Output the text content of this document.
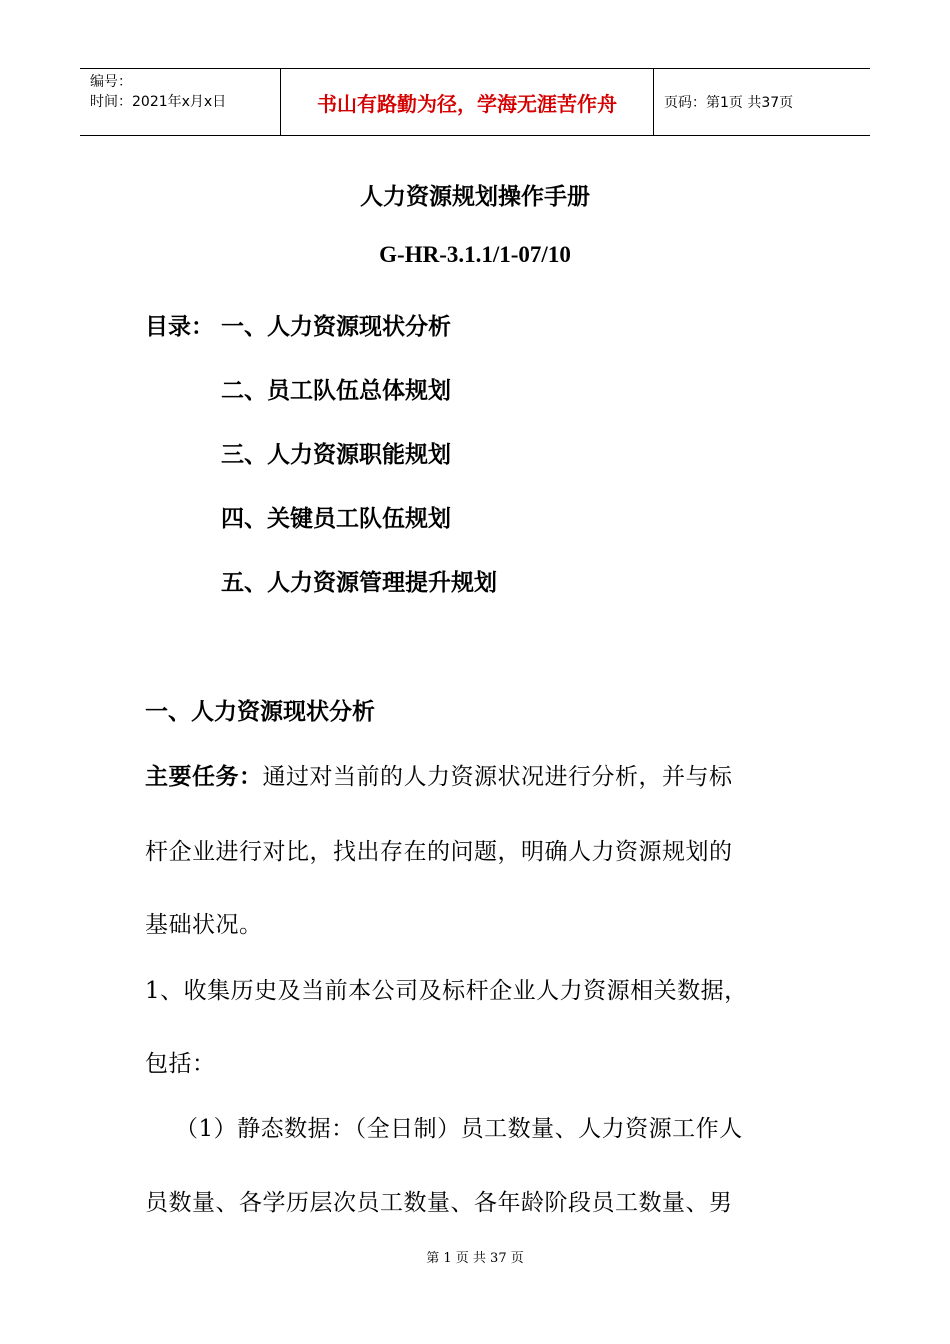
编号：
时间：2021年x月x日	书山有路勤为径，学海无涯苦作舟	页码：第1页 共37页
人力资源规划操作手册
G-HR-3.1.1/1-07/10
目录： 一、人力资源现状分析
二、员工队伍总体规划
三、人力资源职能规划
四、关键员工队伍规划
五、人力资源管理提升规划
一、人力资源现状分析
主要任务：通过对当前的人力资源状况进行分析，并与标
杆企业进行对比，找出存在的问题，明确人力资源规划的
基础状况。
1、收集历史及当前本公司及标杆企业人力资源相关数据，
包括：
（1）静态数据：（全日制）员工数量、人力资源工作人
员数量、各学历层次员工数量、各年龄阶段员工数量、男
第 1 页 共 37 页
